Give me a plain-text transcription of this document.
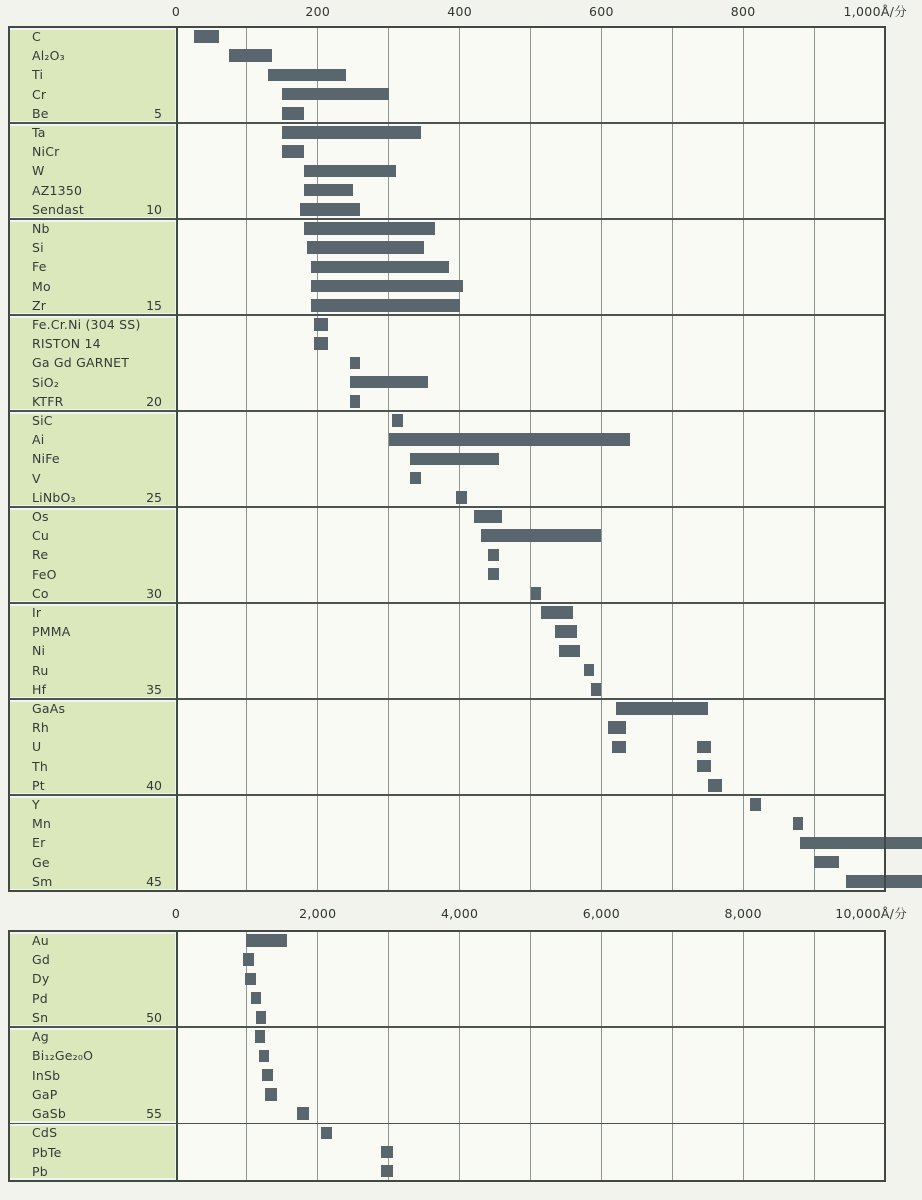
0	200	400	600	800	1,000Å/分
C
Al₂O₃
Ti
Cr
Be	5
Ta
NiCr
W
AZ1350
Sendast	10
Nb
Si
Fe
Mo
Zr	15
Fe.Cr.Ni (304 SS)
RISTON 14
Ga Gd GARNET
SiO₂
KTFR	20
SiC
Ai
NiFe
V
LiNbO₃	25
Os
Cu
Re
FeO
Co	30
Ir
PMMA
Ni
Ru
Hf	35
GaAs
Rh
U
Th
Pt	40
Y
Mn
Er
Ge
Sm	45
0	2,000	4,000	6,000	8,000	10,000Å/分
Au
Gd
Dy
Pd
Sn	50
Ag
Bi₁₂Ge₂₀O
InSb
GaP
GaSb	55
CdS
PbTe
Pb
